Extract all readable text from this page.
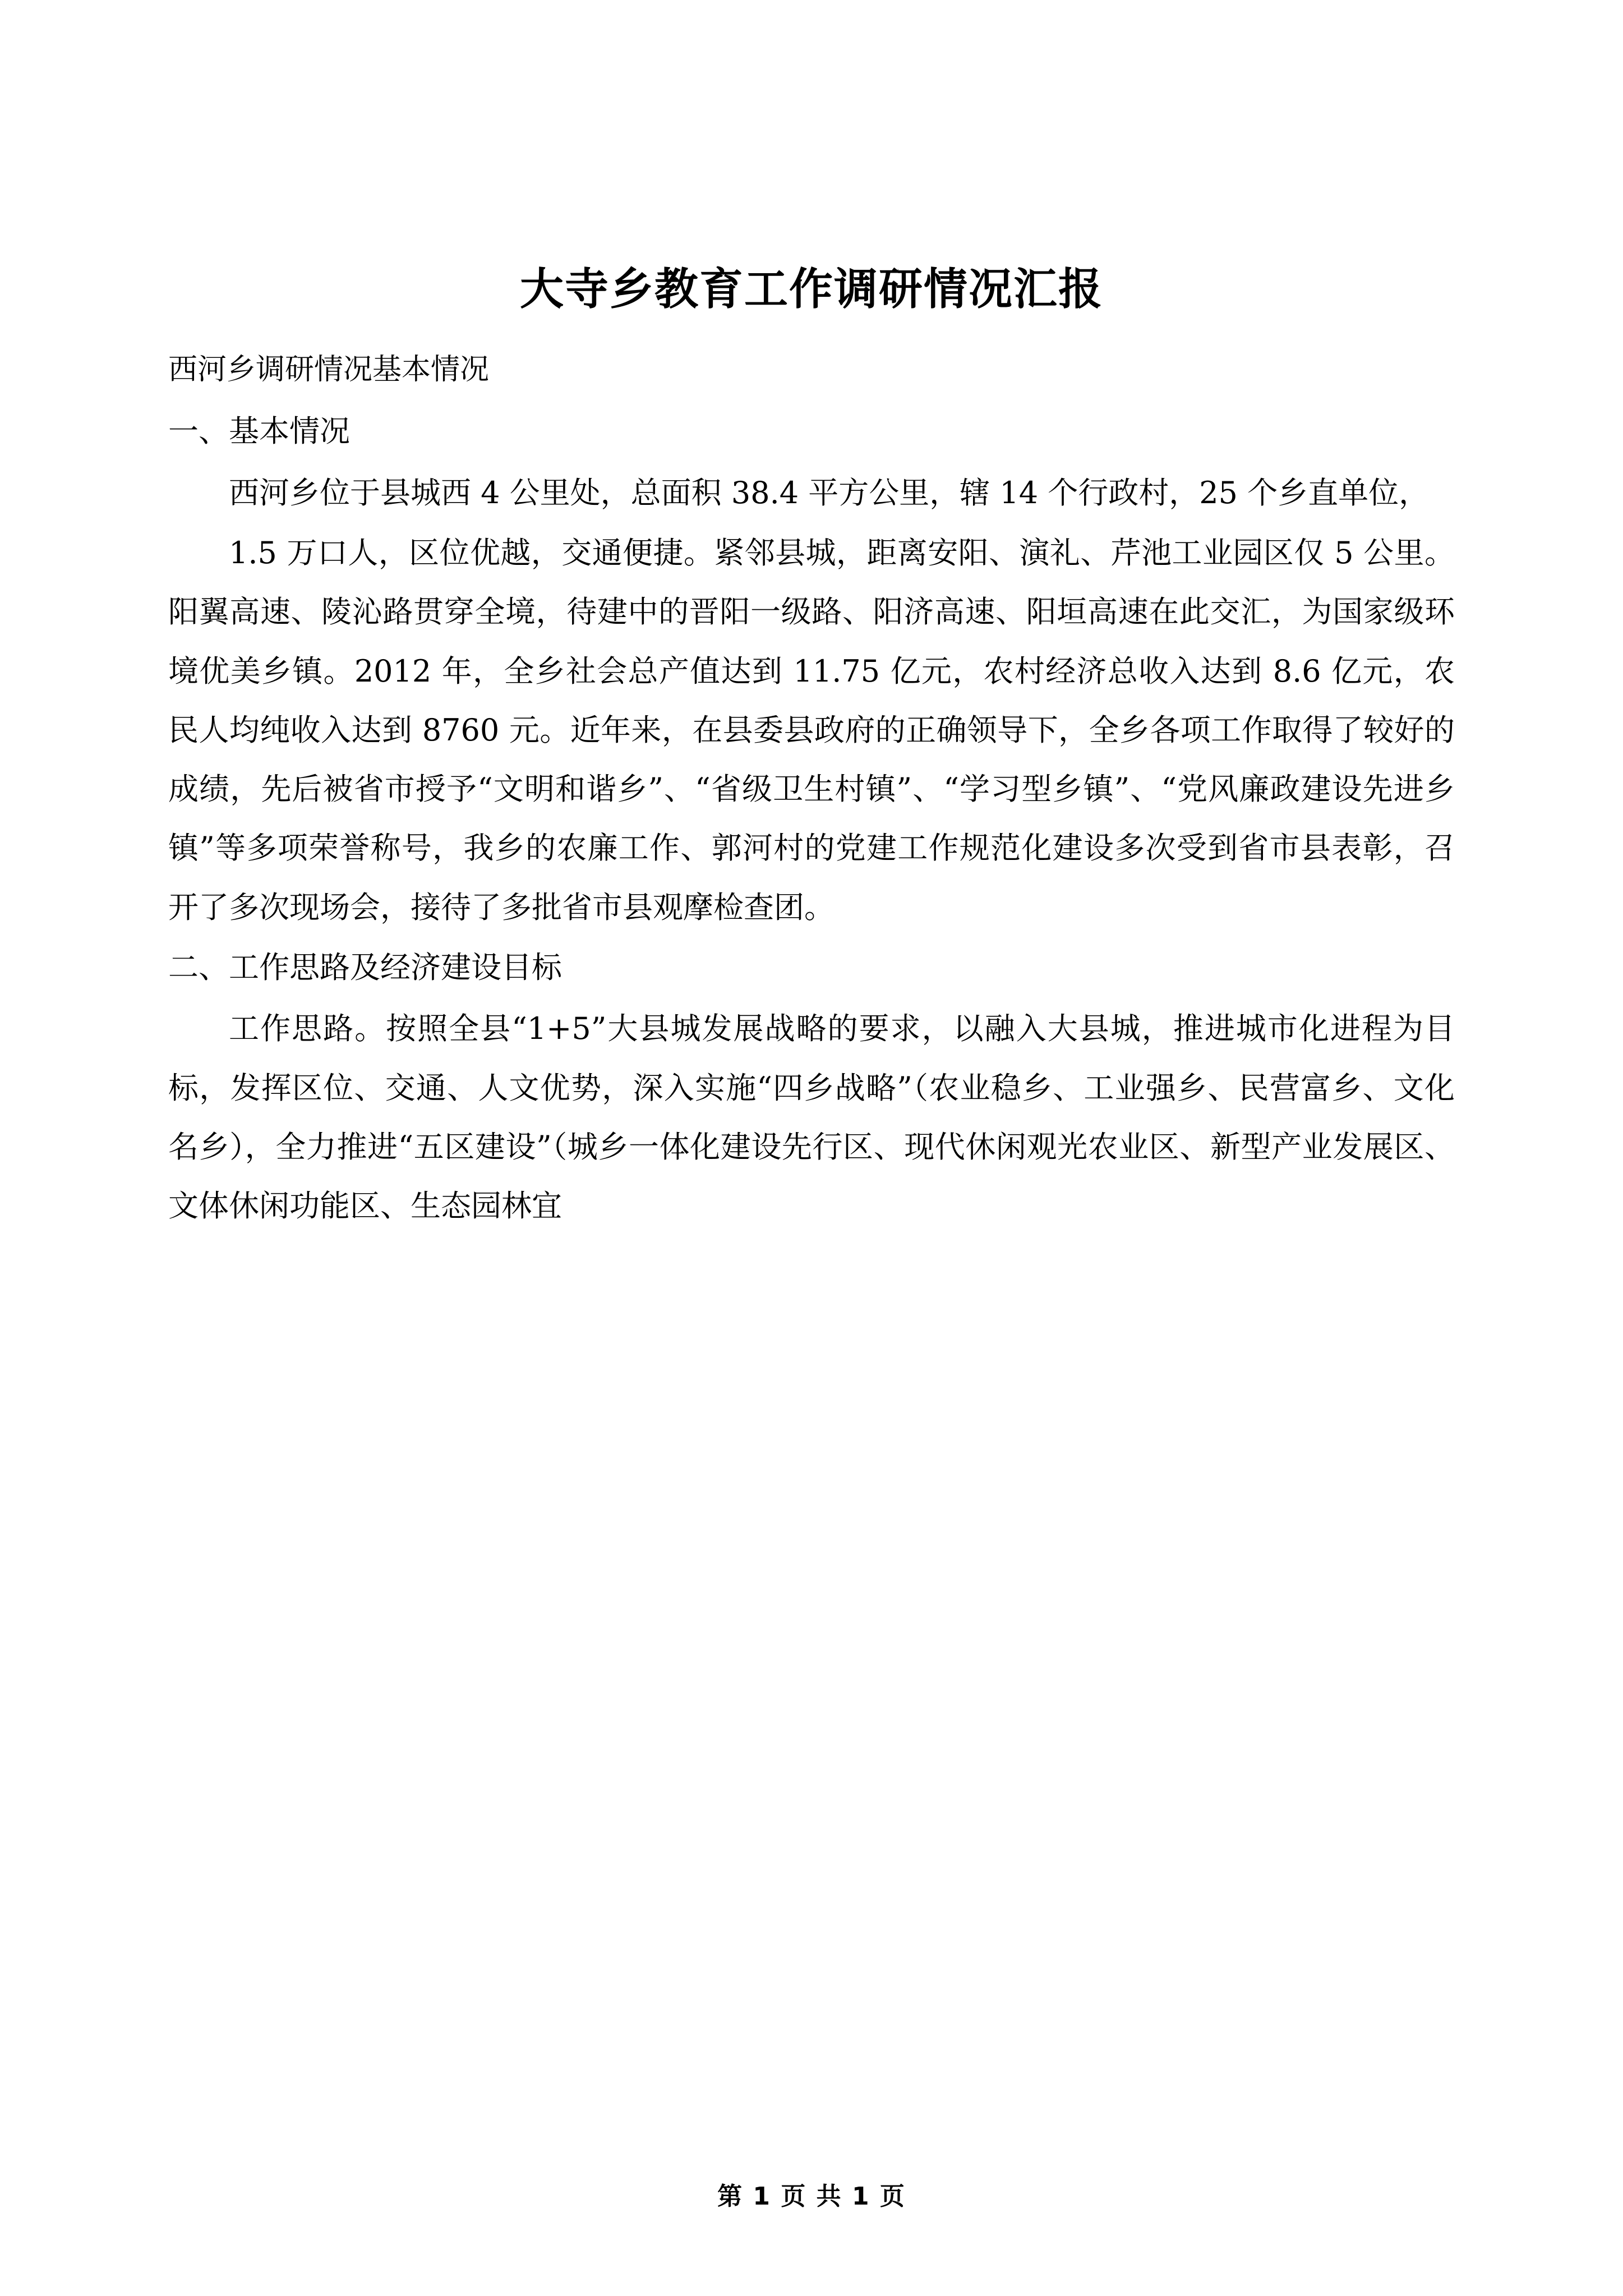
大寺乡教育工作调研情况汇报
西河乡调研情况基本情况
一、基本情况

西河乡位于县城西 4 公里处，总面积 38.4 平方公里，辖 14 个行政村，25 个乡直单位，

1.5 万口人，区位优越，交通便捷。紧邻县城，距离安阳、演礼、芹池工业园区仅 5 公里。阳翼高速、陵沁路贯穿全境，待建中的晋阳一级路、阳济高速、阳垣高速在此交汇，为国家级环境优美乡镇。2012 年，全乡社会总产值达到 11.75 亿元，农村经济总收入达到 8.6 亿元，农民人均纯收入达到 8760 元。近年来，在县委县政府的正确领导下，全乡各项工作取得了较好的成绩，先后被省市授予“文明和谐乡”、“省级卫生村镇”、“学习型乡镇”、“党风廉政建设先进乡镇”等多项荣誉称号，我乡的农廉工作、郭河村的党建工作规范化建设多次受到省市县表彰，召开了多次现场会，接待了多批省市县观摩检查团。

二、工作思路及经济建设目标

工作思路。按照全县“1+5”大县城发展战略的要求，以融入大县城，推进城市化进程为目标，发挥区位、交通、人文优势，深入实施“四乡战略”（农业稳乡、工业强乡、民营富乡、文化名乡），全力推进“五区建设”（城乡一体化建设先行区、现代休闲观光农业区、新型产业发展区、文体休闲功能区、生态园林宜

第 1 页 共 1 页
